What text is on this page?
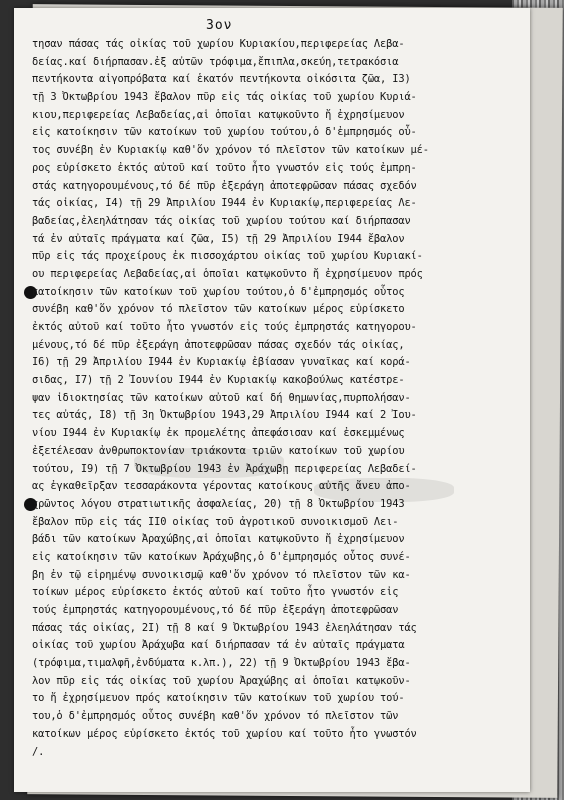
3ον
τησαν πάσας τάς οἰκίας τοῦ χωρίου Κυριακίου,περιφερείας Λεβα-
δείας.καί διήρπασαν.ἐξ αὐτῶν τρόφιμα,ἔπιπλα,σκεύη,τετρακόσια
πεντήκοντα αἰγοπρόβατα καί ἑκατόν πεντήκοντα οἰκόσιτα ζῶα, Ι3)
τῇ 3 Ὀκτωβρίου 1943 ἔβαλον πῦρ εἰς τάς οἰκίας τοῦ χωρίου Κυριά-
κιου,περιφερείας Λεβαδείας,αἱ ὁποῖαι κατῳκοῦντο ἤ ἐχρησίμευον
εἰς κατοίκησιν τῶν κατοίκων τοῦ χωρίου τούτου,ὁ δ'ἐμπρησμός οὗ-
τος συνέβη ἐν Κυριακίῳ καθ'ὅν χρόνον τό πλεῖστον τῶν κατοίκων μέ-
ρος εὑρίσκετο ἐκτός αὐτοῦ καί τοῦτο ἦτο γνωστόν εἰς τούς ἐμπρη-
στάς κατηγορουμένους,τό δέ πῦρ ἐξεράγη ἀποτεφρῶσαν πάσας σχεδόν
τάς οἰκίας, Ι4) τῇ 29 Ἀπριλίου Ι944 ἐν Κυριακίῳ,περιφερείας Λε-
βαδείας,ἐλεηλάτησαν τάς οἰκίας τοῦ χωρίου τούτου καί διήρπασαν
τά ἐν αὐταῖς πράγματα καί ζῶα, Ι5) τῇ 29 Ἀπριλίου Ι944 ἔβαλον
πῦρ εἰς τάς προχείρους ἐκ πισσοχάρτου οἰκίας τοῦ χωρίου Κυριακί-
ου περιφερείας Λεβαδείας,αἱ ὁποῖαι κατῳκοῦντο ἤ ἐχρησίμευον πρός
κατοίκησιν τῶν κατοίκων τοῦ χωρίου τούτου,ὁ δ'ἐμπρησμός οὗτος
συνέβη καθ'ὅν χρόνον τό πλεῖστον τῶν κατοίκων μέρος εὑρίσκετο
ἐκτός αὐτοῦ καί τοῦτο ἦτο γνωστόν εἰς τούς ἐμπρηστάς κατηγορου-
μένους,τό δέ πῦρ ἐξεράγη ἀποτεφρῶσαν πάσας σχεδόν τάς οἰκίας,
Ι6) τῇ 29 Ἀπριλίου Ι944 ἐν Κυριακίῳ ἐβίασαν γυναῖκας καί κορά-
σιδας, Ι7) τῇ 2 Ἰουνίου Ι944 ἐν Κυριακίῳ κακοβούλως κατέστρε-
ψαν ἰδιοκτησίας τῶν κατοίκων αὐτοῦ καί δή θημωνίας,πυρπολήσαν-
τες αὐτάς, Ι8) τῇ 3η Ὀκτωβρίου 1943,29 Ἀπριλίου Ι944 καί 2 Ἰου-
νίου Ι944 ἐν Κυριακίῳ ἐκ προμελέτης ἀπεφάσισαν καί ἐσκεμμένως
ἐξετέλεσαν ἀνθρωποκτονίαν τριάκοντα τριῶν κατοίκων τοῦ χωρίου
τούτου, Ι9) τῇ 7 Ὀκτωβρίου 1943 ἐν Ἀράχωβῃ περιφερείας Λεβαδεί-
ας ἐγκαθεῖρξαν τεσσαράκοντα γέροντας κατοίκους αὐτῆς ἄνευ ἀπο-
χρῶντος λόγου στρατιωτικῆς ἀσφαλείας, 20) τῇ 8 Ὀκτωβρίου 1943
ἔβαλον πῦρ εἰς τάς ΙΙ0 οἰκίας τοῦ ἀγροτικοῦ συνοικισμοῦ Λει-
βάδι τῶν κατοίκων Ἀραχώβης,αἱ ὁποῖαι κατῳκοῦντο ἤ ἐχρησίμευον
εἰς κατοίκησιν τῶν κατοίκων Ἀράχωβης,ὁ δ'ἐμπρησμός οὗτος συνέ-
βη ἐν τῷ εἰρημένῳ συνοικισμῷ καθ'ὅν χρόνον τό πλεῖστον τῶν κα-
τοίκων μέρος εὑρίσκετο ἐκτός αὐτοῦ καί τοῦτο ἦτο γνωστόν εἰς
τούς ἐμπρηστάς κατηγορουμένους,τό δέ πῦρ ἐξεράγη ἀποτεφρῶσαν
πάσας τάς οἰκίας, 2Ι) τῇ 8 καί 9 Ὀκτωβρίου 1943 ἐλεηλάτησαν τάς
οἰκίας τοῦ χωρίου Ἀράχωβα καί διήρπασαν τά ἐν αὐταῖς πράγματα
(τρόφιμα,τιμαλφῆ,ἐνδύματα κ.λπ.), 22) τῇ 9 Ὀκτωβρίου 1943 ἔβα-
λον πῦρ εἰς τάς οἰκίας τοῦ χωρίου Ἀραχώβης αἱ ὁποῖαι κατῳκοῦν-
το ἤ ἐχρησίμευον πρός κατοίκησιν τῶν κατοίκων τοῦ χωρίου τού-
του,ὁ δ'ἐμπρησμός οὗτος συνέβη καθ'ὅν χρόνον τό πλεῖστον τῶν
κατοίκων μέρος εὑρίσκετο ἐκτός τοῦ χωρίου καί τοῦτο ἦτο γνωστόν
/.
